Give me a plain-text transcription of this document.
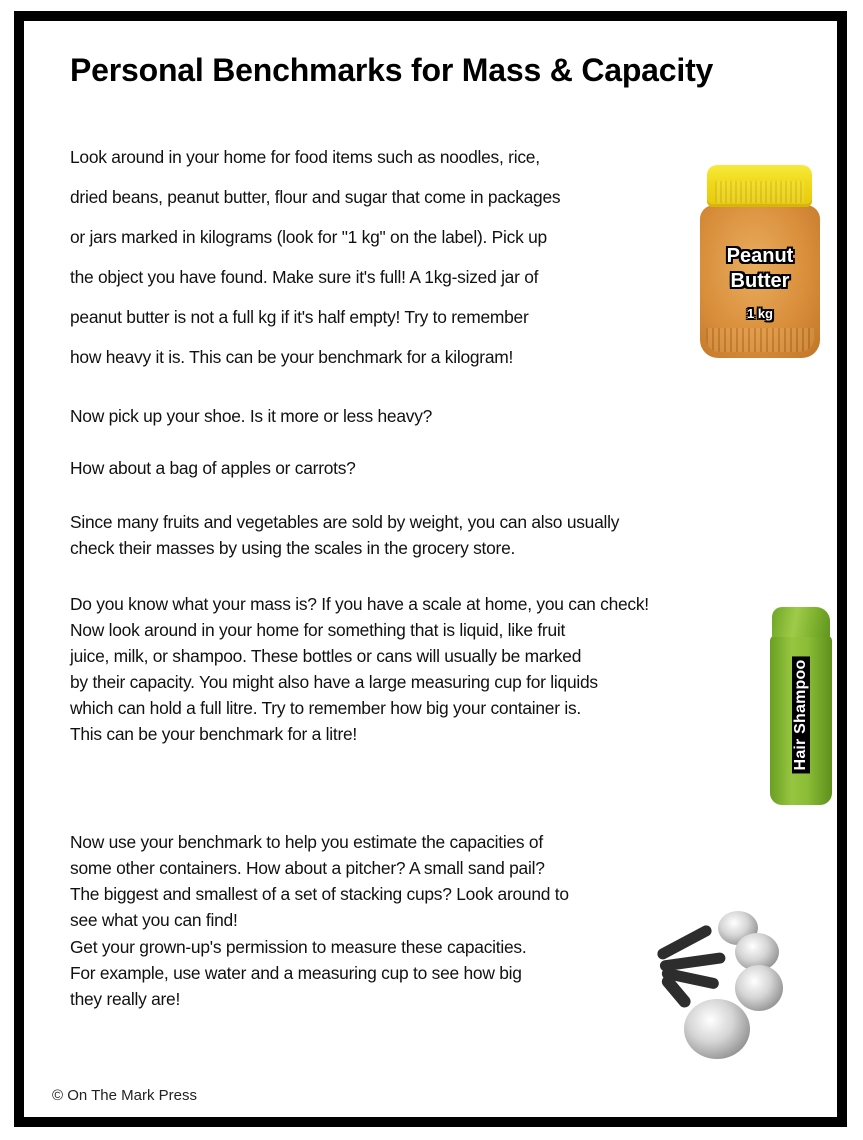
Personal Benchmarks for Mass & Capacity
Look around in your home for food items such as noodles, rice,
dried beans, peanut butter, flour and sugar that come in packages
or jars marked in kilograms (look for "1 kg" on the label). Pick up
the object you have found. Make sure it's full! A 1kg-sized jar of
peanut butter is not a full kg if it's half empty! Try to remember
how heavy it is. This can be your benchmark for a kilogram!
Now pick up your shoe. Is it more or less heavy?
How about a bag of apples or carrots?
Since many fruits and vegetables are sold by weight, you can also usually
check their masses by using the scales in the grocery store.
Do you know what your mass is? If you have a scale at home, you can check!
Now look around in your home for something that is liquid, like fruit
juice, milk, or shampoo. These bottles or cans will usually be marked
by their capacity. You might also have a large measuring cup for liquids
which can hold a full litre. Try to remember how big your container is.
This can be your benchmark for a litre!
Now use your benchmark to help you estimate the capacities of
some other containers. How about a pitcher? A small sand pail?
The biggest and smallest of a set of stacking cups? Look around to
see what you can find!
Get your grown-up's permission to measure these capacities.
For example, use water and a measuring cup to see how big
they really are!
Peanut
Butter
1 kg
Hair Shampoo
© On The Mark Press
